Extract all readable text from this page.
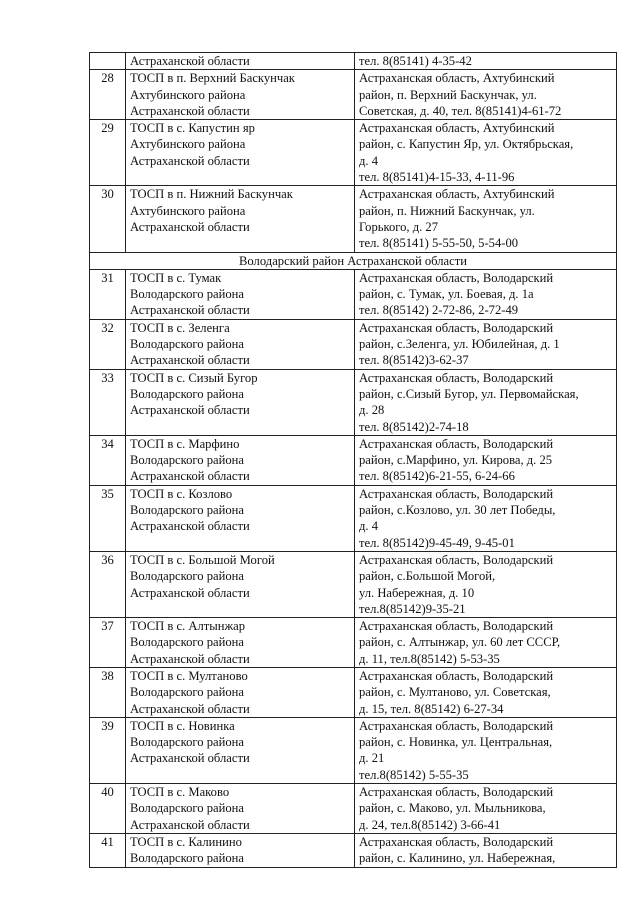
	Астраханской области	тел. 8(85141) 4-35-42

28	ТОСП в п. Верхний Баскунчак
Ахтубинского района
Астраханской области	Астраханская область, Ахтубинский
район, п. Верхний Баскунчак, ул.
Советская, д. 40, тел. 8(85141)4-61-72

29	ТОСП в с. Капустин яр
Ахтубинского района
Астраханской области	Астраханская область, Ахтубинский
район, с. Капустин Яр, ул. Октябрьская,
д. 4
тел. 8(85141)4-15-33, 4-11-96

30	ТОСП в п. Нижний Баскунчак
Ахтубинского района
Астраханской области	Астраханская область, Ахтубинский
район, п. Нижний Баскунчак, ул.
Горького, д. 27
тел. 8(85141) 5-55-50, 5-54-00

Володарский район Астраханской области		
31	ТОСП в с. Тумак
Володарского района
Астраханской области	Астраханская область, Володарский
район, с. Тумак, ул. Боевая, д. 1а
тел. 8(85142) 2-72-86, 2-72-49

32	ТОСП в с. Зеленга
Володарского района
Астраханской области	Астраханская область, Володарский
район, с.Зеленга, ул. Юбилейная, д. 1
тел. 8(85142)3-62-37

33	ТОСП в с. Сизый Бугор
Володарского района
Астраханской области	Астраханская область, Володарский
район, с.Сизый Бугор, ул. Первомайская,
д. 28
тел. 8(85142)2-74-18

34	ТОСП в с. Марфино
Володарского района
Астраханской области	Астраханская область, Володарский
район, с.Марфино, ул. Кирова, д. 25
тел. 8(85142)6-21-55, 6-24-66

35	ТОСП в с. Козлово
Володарского района
Астраханской области	Астраханская область, Володарский
район, с.Козлово, ул. 30 лет Победы,
д. 4
тел. 8(85142)9-45-49, 9-45-01

36	ТОСП в с. Большой Могой
Володарского района
Астраханской области	Астраханская область, Володарский
район, с.Большой Могой,
ул. Набережная, д. 10
тел.8(85142)9-35-21

37	ТОСП в с. Алтынжар
Володарского района
Астраханской области	Астраханская область, Володарский
район, с. Алтынжар, ул. 60 лет СССР,
д. 11, тел.8(85142) 5-53-35

38	ТОСП в с. Мултаново
Володарского района
Астраханской области	Астраханская область, Володарский
район, с. Мултаново, ул. Советская,
д. 15, тел. 8(85142) 6-27-34

39	ТОСП в с. Новинка
Володарского района
Астраханской области	Астраханская область, Володарский
район, с. Новинка, ул. Центральная,
д. 21
тел.8(85142) 5-55-35

40	ТОСП в с. Маково
Володарского района
Астраханской области	Астраханская область, Володарский
район, с. Маково, ул. Мыльникова,
д. 24, тел.8(85142) 3-66-41

41	ТОСП в с. Калинино
Володарского района	Астраханская область, Володарский
район, с. Калинино, ул. Набережная,
